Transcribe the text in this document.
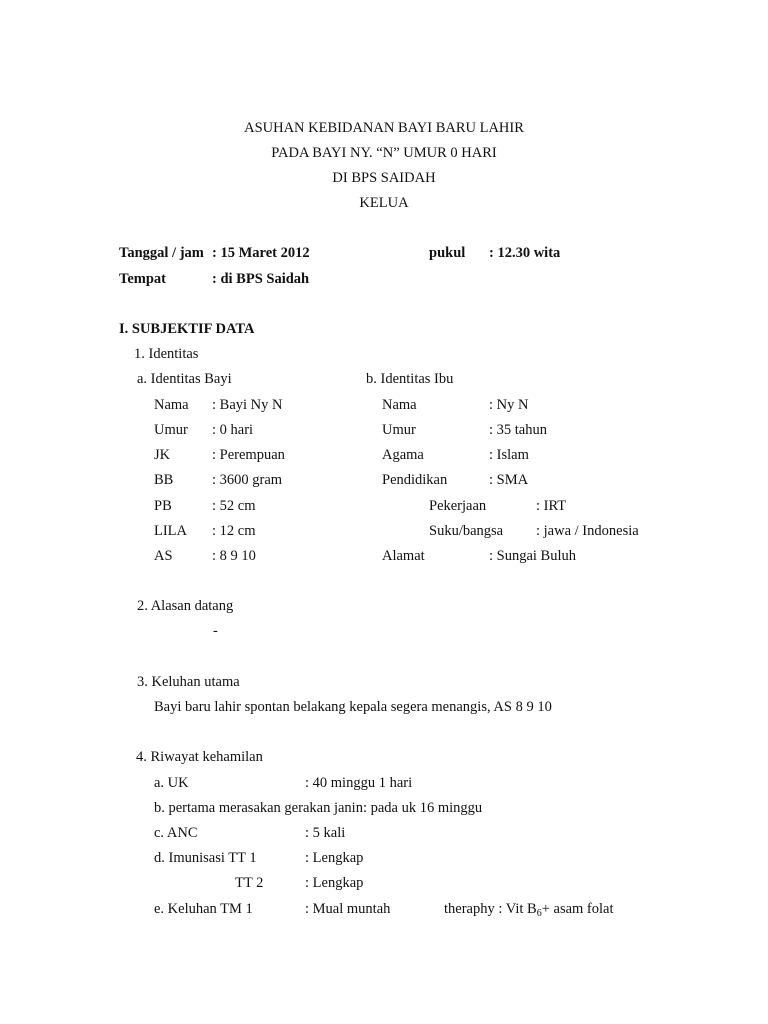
ASUHAN KEBIDANAN BAYI BARU LAHIR
PADA BAYI NY. “N” UMUR 0 HARI
DI BPS SAIDAH
KELUA
Tanggal / jam : 15 Maret 2012	pukul : 12.30 wita
Tempat	: di BPS Saidah
I. SUBJEKTIF DATA
1. Identitas
a. Identitas Bayi	b. Identitas Ibu
Nama : Bayi Ny N
Umur : 0 hari
JK	: Perempuan
BB	: 3600 gram
PB	: 52 cm
LILA : 12 cm
AS	: 8 9 10
Nama	: Ny N
Umur	: 35 tahun
Agama	: Islam
Pendidikan	: SMA
Pekerjaan	: IRT
Suku/bangsa : jawa / Indonesia
Alamat	: Sungai Buluh
2. Alasan datang
-
3. Keluhan utama
Bayi baru lahir spontan belakang kepala segera menangis, AS 8 9 10
4. Riwayat kehamilan
a. UK	: 40 minggu 1 hari
b. pertama merasakan gerakan janin: pada uk 16 minggu
c. ANC	: 5 kali
d. Imunisasi TT 1	: Lengkap
TT 2	: Lengkap
e. Keluhan TM 1	: Mual muntah	theraphy : Vit $B_6+$ asam folat
